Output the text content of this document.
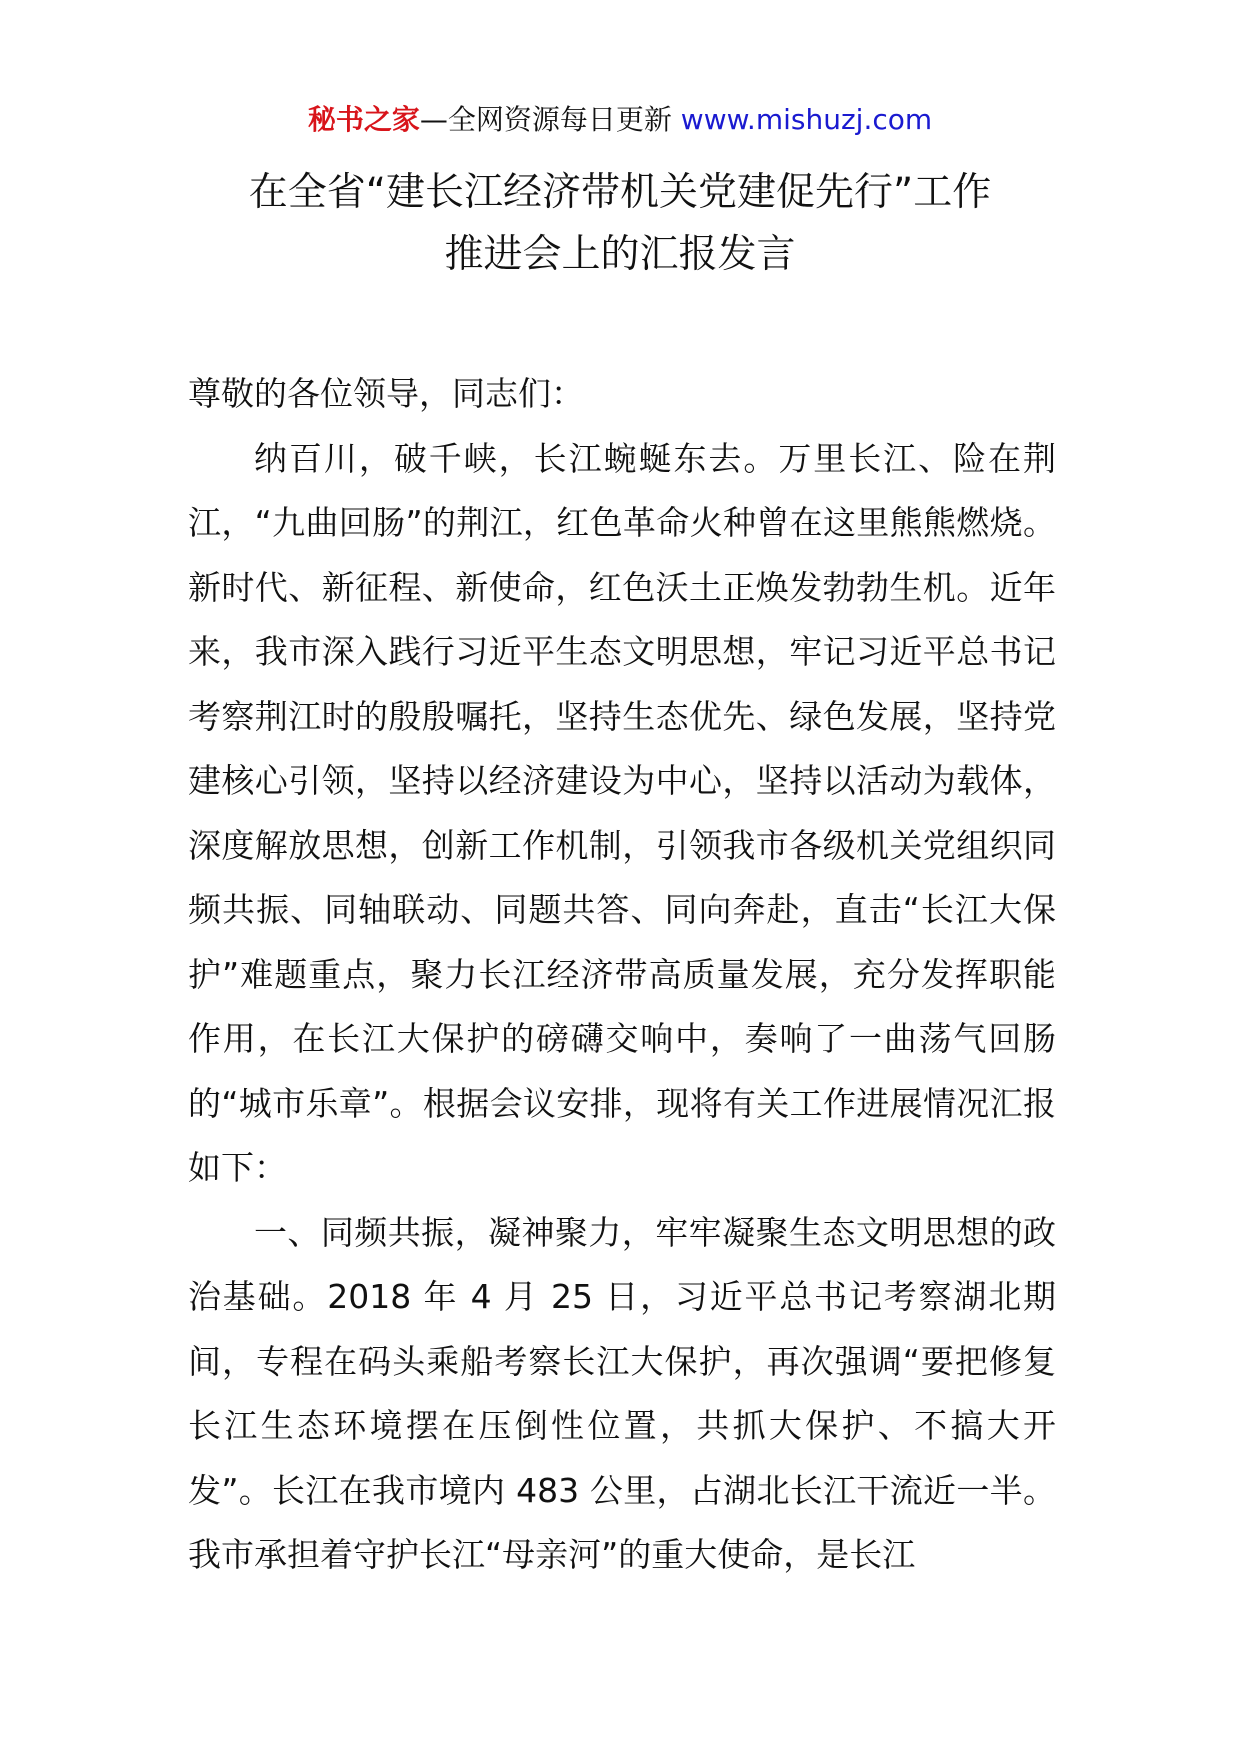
秘书之家—全网资源每日更新 www.mishuzj.com
在全省“建长江经济带机关党建促先行”工作
推进会上的汇报发言

尊敬的各位领导，同志们：

纳百川，破千峡，长江蜿蜒东去。万里长江、险在荆江，“九曲回肠”的荆江，红色革命火种曾在这里熊熊燃烧。新时代、新征程、新使命，红色沃土正焕发勃勃生机。近年来，我市深入践行习近平生态文明思想，牢记习近平总书记考察荆江时的殷殷嘱托，坚持生态优先、绿色发展，坚持党建核心引领，坚持以经济建设为中心，坚持以活动为载体，深度解放思想，创新工作机制，引领我市各级机关党组织同频共振、同轴联动、同题共答、同向奔赴，直击“长江大保护”难题重点，聚力长江经济带高质量发展，充分发挥职能作用，在长江大保护的磅礴交响中，奏响了一曲荡气回肠的“城市乐章”。根据会议安排，现将有关工作进展情况汇报如下：

一、同频共振，凝神聚力，牢牢凝聚生态文明思想的政治基础。2018 年 4 月 25 日，习近平总书记考察湖北期间，专程在码头乘船考察长江大保护，再次强调“要把修复长江生态环境摆在压倒性位置，共抓大保护、不搞大开发”。长江在我市境内 483 公里，占湖北长江干流近一半。我市承担着守护长江“母亲河”的重大使命，是长江
